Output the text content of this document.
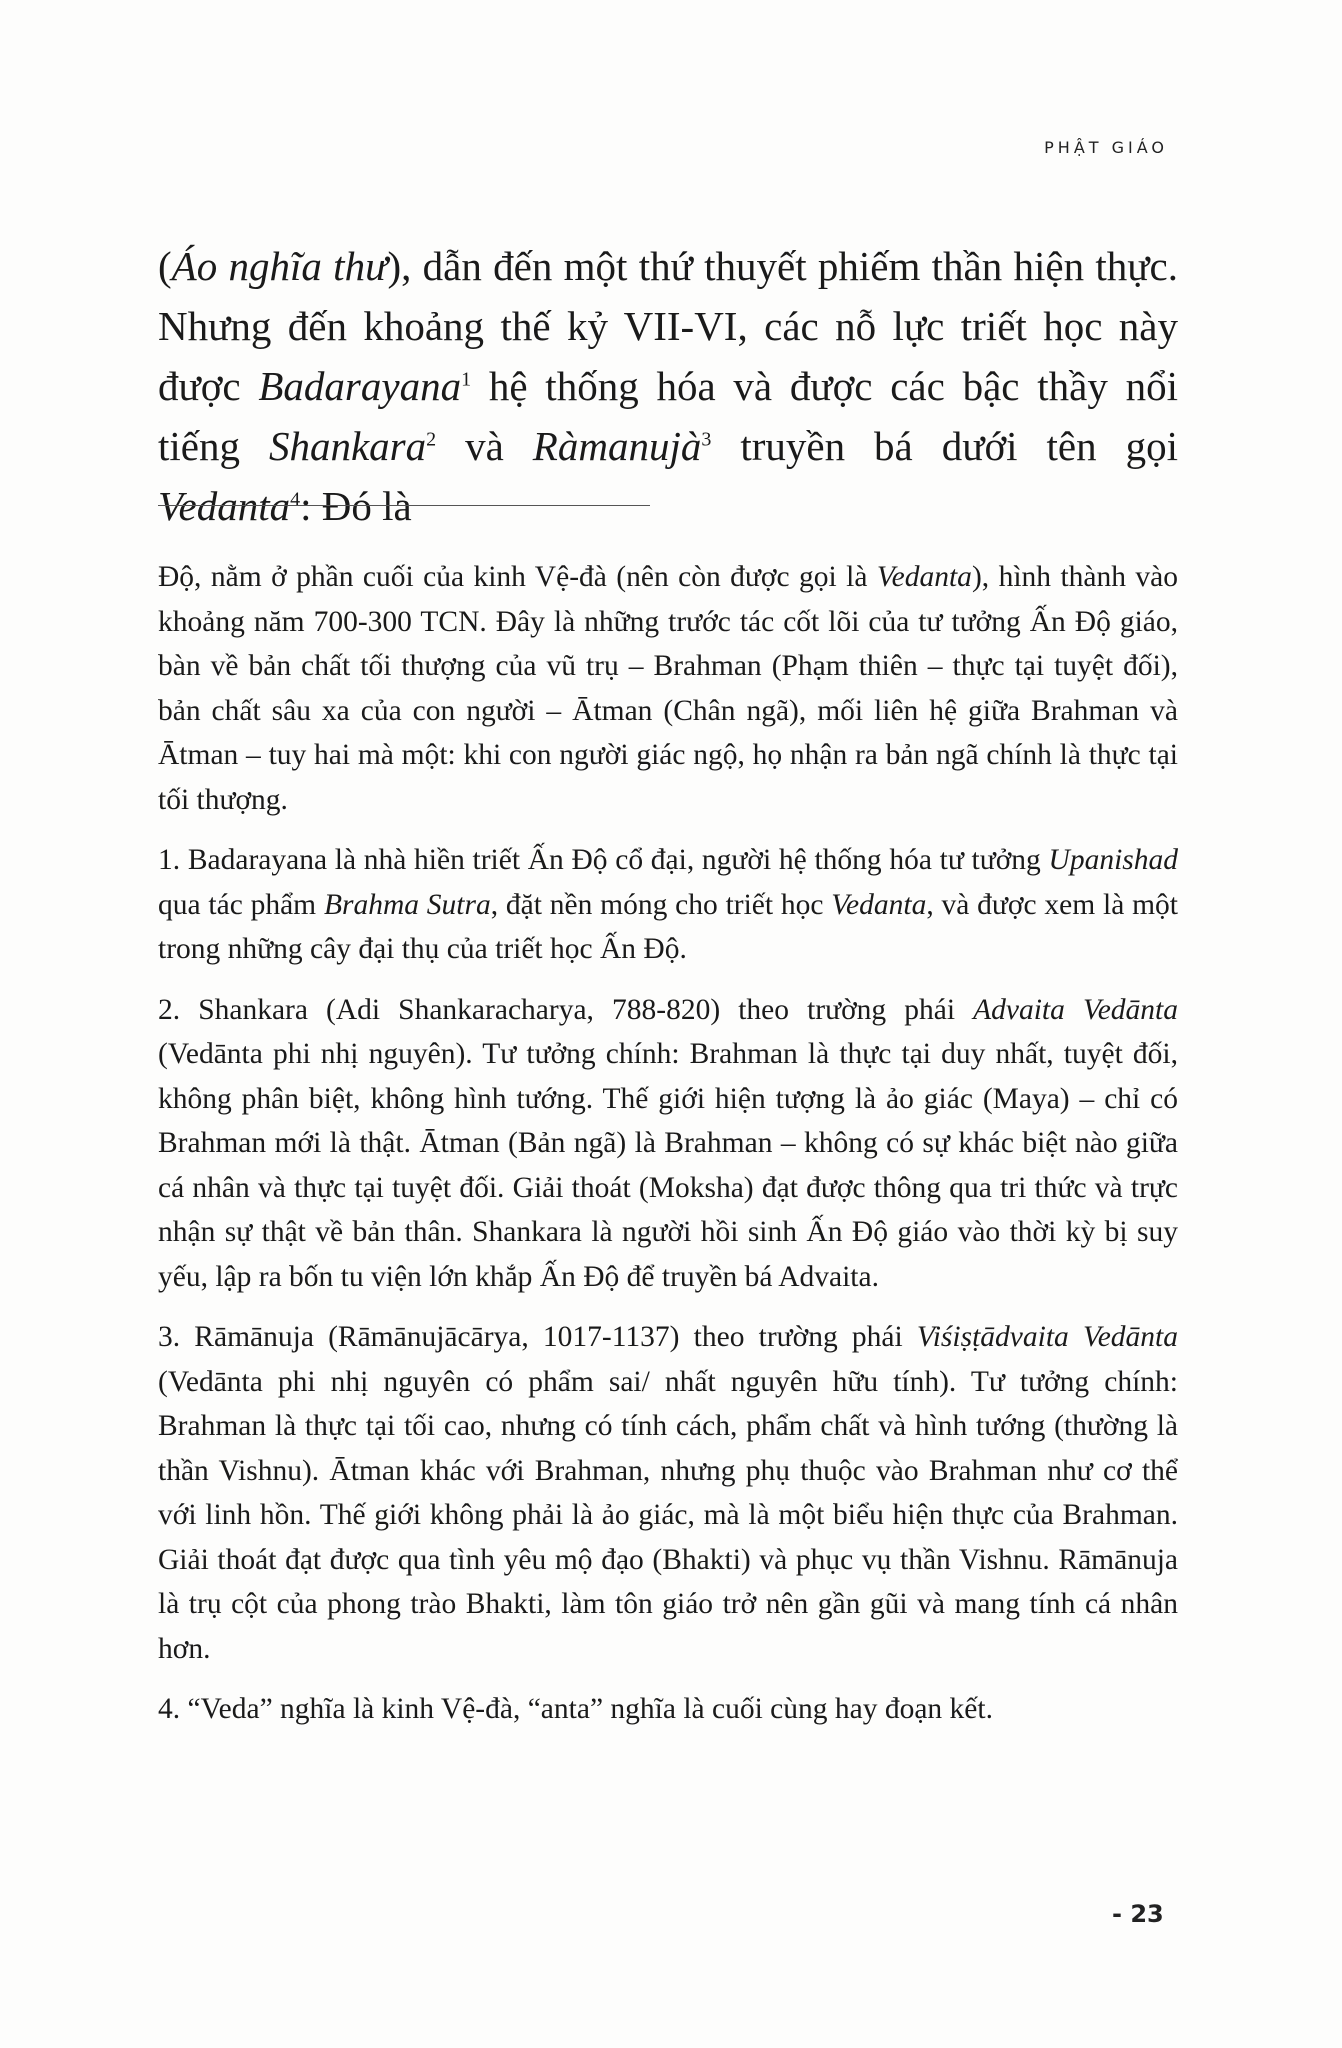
PHẬT GIÁO

(Áo nghĩa thư), dẫn đến một thứ thuyết phiếm thần hiện thực. Nhưng đến khoảng thế kỷ VII-VI, các nỗ lực triết học này được Badarayana$^1$ hệ thống hóa và được các bậc thầy nổi tiếng Shankara$^2$ và Ràmanujà$^3$ truyền bá dưới tên gọi Vedanta$^4$: Đó là

Độ, nằm ở phần cuối của kinh Vệ-đà (nên còn được gọi là Vedanta), hình thành vào khoảng năm 700-300 TCN. Đây là những trước tác cốt lõi của tư tưởng Ấn Độ giáo, bàn về bản chất tối thượng của vũ trụ – Brahman (Phạm thiên – thực tại tuyệt đối), bản chất sâu xa của con người – Ātman (Chân ngã), mối liên hệ giữa Brahman và Ātman – tuy hai mà một: khi con người giác ngộ, họ nhận ra bản ngã chính là thực tại tối thượng.

1. Badarayana là nhà hiền triết Ấn Độ cổ đại, người hệ thống hóa tư tưởng Upanishad qua tác phẩm Brahma Sutra, đặt nền móng cho triết học Vedanta, và được xem là một trong những cây đại thụ của triết học Ấn Độ.

2. Shankara (Adi Shankaracharya, 788-820) theo trường phái Advaita Vedānta (Vedānta phi nhị nguyên). Tư tưởng chính: Brahman là thực tại duy nhất, tuyệt đối, không phân biệt, không hình tướng. Thế giới hiện tượng là ảo giác (Maya) – chỉ có Brahman mới là thật. Ātman (Bản ngã) là Brahman – không có sự khác biệt nào giữa cá nhân và thực tại tuyệt đối. Giải thoát (Moksha) đạt được thông qua tri thức và trực nhận sự thật về bản thân. Shankara là người hồi sinh Ấn Độ giáo vào thời kỳ bị suy yếu, lập ra bốn tu viện lớn khắp Ấn Độ để truyền bá Advaita.

3. Rāmānuja (Rāmānujācārya, 1017-1137) theo trường phái Viśiṣṭādvaita Vedānta (Vedānta phi nhị nguyên có phẩm sai/ nhất nguyên hữu tính). Tư tưởng chính: Brahman là thực tại tối cao, nhưng có tính cách, phẩm chất và hình tướng (thường là thần Vishnu). Ātman khác với Brahman, nhưng phụ thuộc vào Brahman như cơ thể với linh hồn. Thế giới không phải là ảo giác, mà là một biểu hiện thực của Brahman. Giải thoát đạt được qua tình yêu mộ đạo (Bhakti) và phục vụ thần Vishnu. Rāmānuja là trụ cột của phong trào Bhakti, làm tôn giáo trở nên gần gũi và mang tính cá nhân hơn.

4. “Veda” nghĩa là kinh Vệ-đà, “anta” nghĩa là cuối cùng hay đoạn kết.

- 23
